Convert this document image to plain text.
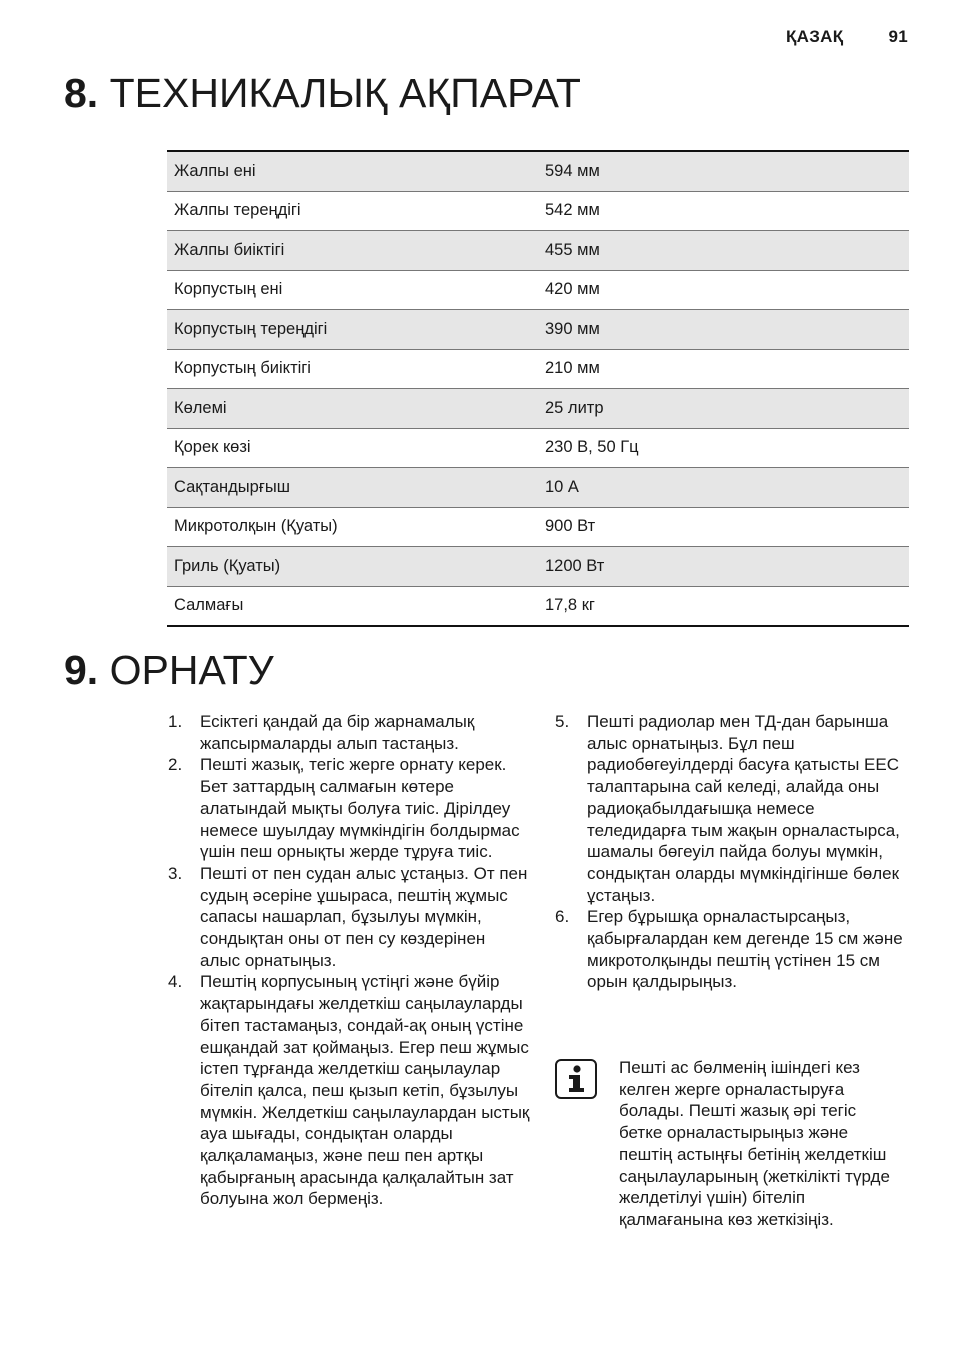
ҚАЗАҚ	91
8. ТЕХНИКАЛЫҚ АҚПАРАТ
Жалпы ені	594 мм
Жалпы тереңдігі	542 мм
Жалпы биіктігі	455 мм
Корпустың ені	420 мм
Корпустың тереңдігі	390 мм
Корпустың биіктігі	210 мм
Көлемі	25 литр
Қорек көзі	230 В, 50 Гц
Сақтандырғыш	10 А
Микротолқын (Қуаты)	900 Вт
Гриль (Қуаты)	1200 Вт
Салмағы	17,8 кг
9. ОРНАТУ
1. Есіктегі қандай да бір жарнамалық жапсырмаларды алып тастаңыз.
2. Пешті жазық, тегіс жерге орнату керек. Бет заттардың салмағын көтере алатындай мықты болуға тиіс. Дірілдеу немесе шуылдау мүмкіндігін болдырмас үшін пеш орнықты жерде тұруға тиіс.
3. Пешті от пен судан алыс ұстаңыз. От пен судың әсеріне ұшыраса, пештің жұмыс сапасы нашарлап, бұзылуы мүмкін, сондықтан оны от пен су көздерінен алыс орнатыңыз.
4. Пештің корпусының үстіңгі және бүйір жақтарындағы желдеткіш саңылауларды бітеп тастамаңыз, сондай-ақ оның үстіне ешқандай зат қоймаңыз. Егер пеш жұмыс істеп тұрғанда желдеткіш саңылаулар бітеліп қалса, пеш қызып кетіп, бұзылуы мүмкін. Желдеткіш саңылаулардан ыстық ауа шығады, сондықтан оларды қалқаламаңыз, және пеш пен артқы қабырғаның арасында қалқалайтын зат болуына жол бермеңіз.
5. Пешті радиолар мен ТД-дан барынша алыс орнатыңыз. Бұл пеш радиобөгеуілдерді басуға қатысты EEC талаптарына сай келеді, алайда оны радиоқабылдағышқа немесе теледидарға тым жақын орналастырса, шамалы бөгеуіл пайда болуы мүмкін, сондықтан оларды мүмкіндігінше бөлек ұстаңыз.
6. Егер бұрышқа орналастырсаңыз, қабырғалардан кем дегенде 15 см және микротолқынды пештің үстінен 15 см орын қалдырыңыз.
Пешті ас бөлменің ішіндегі кез келген жерге орналастыруға болады. Пешті жазық әрі тегіс бетке орналастырыңыз және пештің астыңғы бетінің желдеткіш саңылауларының (жеткілікті түрде желдетілуі үшін) бітеліп қалмағанына көз жеткізіңіз.
